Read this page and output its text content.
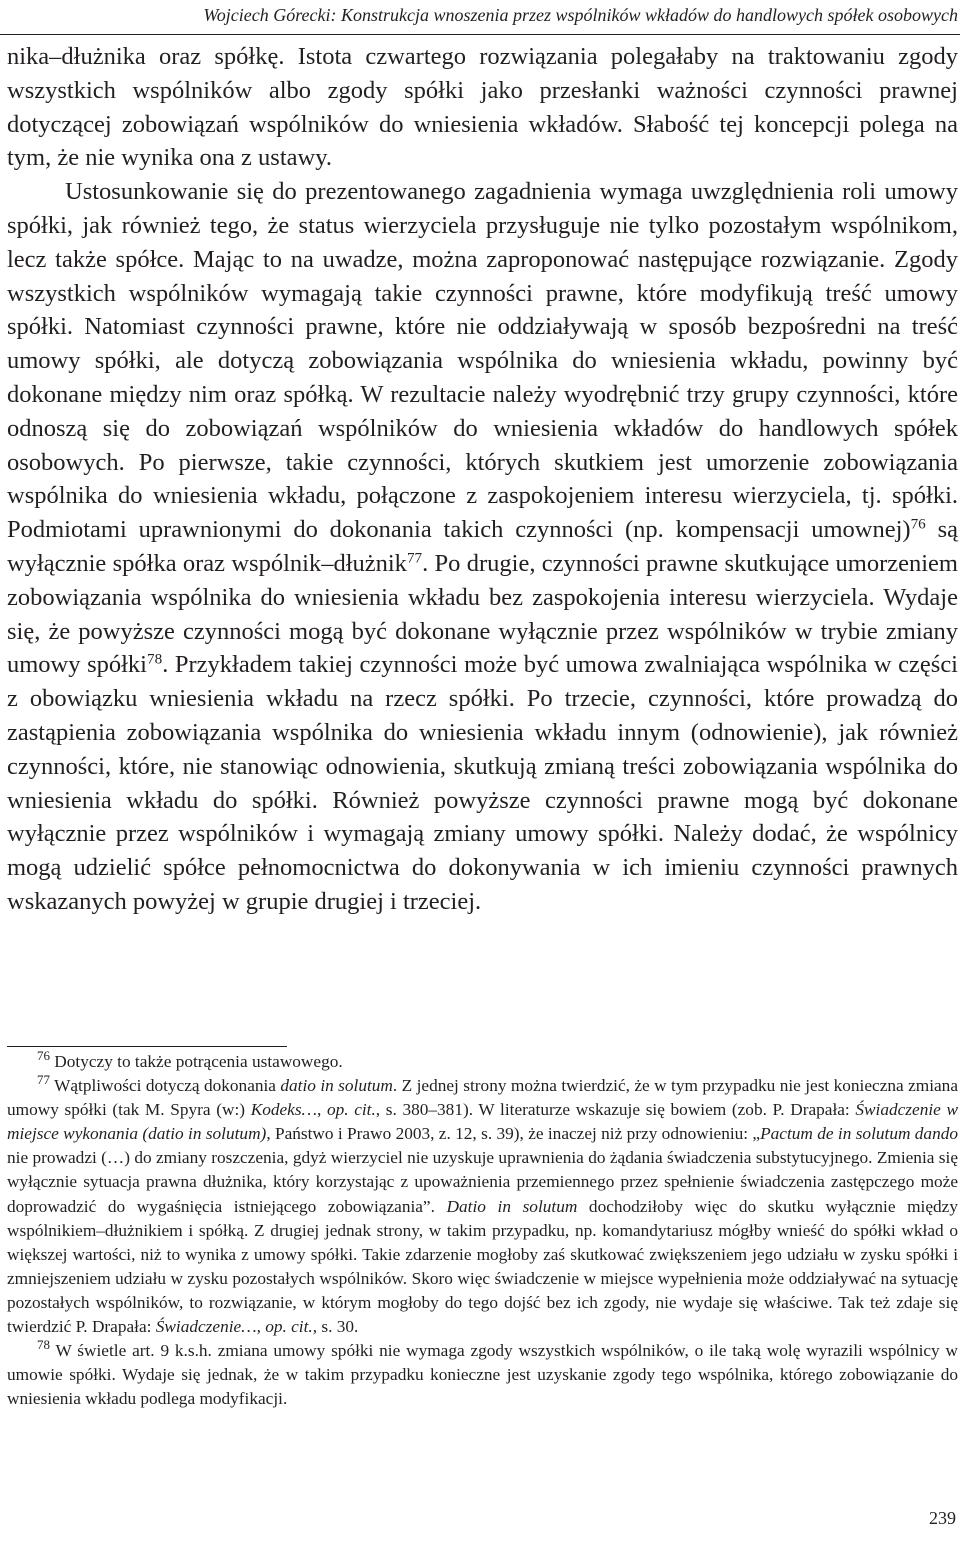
Wojciech Górecki: Konstrukcja wnoszenia przez wspólników wkładów do handlowych spółek osobowych

nika–dłużnika oraz spółkę. Istota czwartego rozwiązania polegałaby na traktowaniu zgody wszystkich wspólników albo zgody spółki jako przesłanki ważności czynności prawnej dotyczącej zobowiązań wspólników do wniesienia wkładów. Słabość tej koncepcji polega na tym, że nie wynika ona z ustawy.

Ustosunkowanie się do prezentowanego zagadnienia wymaga uwzględnienia roli umowy spółki, jak również tego, że status wierzyciela przysługuje nie tylko pozostałym wspólnikom, lecz także spółce. Mając to na uwadze, można zaproponować następujące rozwiązanie. Zgody wszystkich wspólników wymagają takie czynności prawne, które modyfikują treść umowy spółki. Natomiast czynności prawne, które nie oddziaływają w sposób bezpośredni na treść umowy spółki, ale dotyczą zobowiązania wspólnika do wniesienia wkładu, powinny być dokonane między nim oraz spółką. W rezultacie należy wyodrębnić trzy grupy czynności, które odnoszą się do zobowiązań wspólników do wniesienia wkładów do handlowych spółek osobowych. Po pierwsze, takie czynności, których skutkiem jest umorzenie zobowiązania wspólnika do wniesienia wkładu, połączone z zaspokojeniem interesu wierzyciela, tj. spółki. Podmiotami uprawnionymi do dokonania takich czynności (np. kompensacji umownej)$^{76}$ są wyłącznie spółka oraz wspólnik–dłużnik$^{77}$. Po drugie, czynności prawne skutkujące umorzeniem zobowiązania wspólnika do wniesienia wkładu bez zaspokojenia interesu wierzyciela. Wydaje się, że powyższe czynności mogą być dokonane wyłącznie przez wspólników w trybie zmiany umowy spółki$^{78}$. Przykładem takiej czynności może być umowa zwalniająca wspólnika w części z obowiązku wniesienia wkładu na rzecz spółki. Po trzecie, czynności, które prowadzą do zastąpienia zobowiązania wspólnika do wniesienia wkładu innym (odnowienie), jak również czynności, które, nie stanowiąc odnowienia, skutkują zmianą treści zobowiązania wspólnika do wniesienia wkładu do spółki. Również powyższe czynności prawne mogą być dokonane wyłącznie przez wspólników i wymagają zmiany umowy spółki. Należy dodać, że wspólnicy mogą udzielić spółce pełnomocnictwa do dokonywania w ich imieniu czynności prawnych wskazanych powyżej w grupie drugiej i trzeciej.

$^{76}$ Dotyczy to także potrącenia ustawowego.

$^{77}$ Wątpliwości dotyczą dokonania datio in solutum. Z jednej strony można twierdzić, że w tym przypadku nie jest konieczna zmiana umowy spółki (tak M. Spyra (w:) Kodeks…, op. cit., s. 380–381). W literaturze wskazuje się bowiem (zob. P. Drapała: Świadczenie w miejsce wykonania (datio in solutum), Państwo i Prawo 2003, z. 12, s. 39), że inaczej niż przy odnowieniu: „Pactum de in solutum dando nie prowadzi (…) do zmiany roszczenia, gdyż wierzyciel nie uzyskuje uprawnienia do żądania świadczenia substytucyjnego. Zmienia się wyłącznie sytuacja prawna dłużnika, który korzystając z upoważnienia przemiennego przez spełnienie świadczenia zastępczego może doprowadzić do wygaśnięcia istniejącego zobowiązania”. Datio in solutum dochodziłoby więc do skutku wyłącznie między wspólnikiem–dłużnikiem i spółką. Z drugiej jednak strony, w takim przypadku, np. komandytariusz mógłby wnieść do spółki wkład o większej wartości, niż to wynika z umowy spółki. Takie zdarzenie mogłoby zaś skutkować zwiększeniem jego udziału w zysku spółki i zmniejszeniem udziału w zysku pozostałych wspólników. Skoro więc świadczenie w miejsce wypełnienia może oddziaływać na sytuację pozostałych wspólników, to rozwiązanie, w którym mogłoby do tego dojść bez ich zgody, nie wydaje się właściwe. Tak też zdaje się twierdzić P. Drapała: Świadczenie…, op. cit., s. 30.

$^{78}$ W świetle art. 9 k.s.h. zmiana umowy spółki nie wymaga zgody wszystkich wspólników, o ile taką wolę wyrazili wspólnicy w umowie spółki. Wydaje się jednak, że w takim przypadku konieczne jest uzyskanie zgody tego wspólnika, którego zobowiązanie do wniesienia wkładu podlega modyfikacji.

239
